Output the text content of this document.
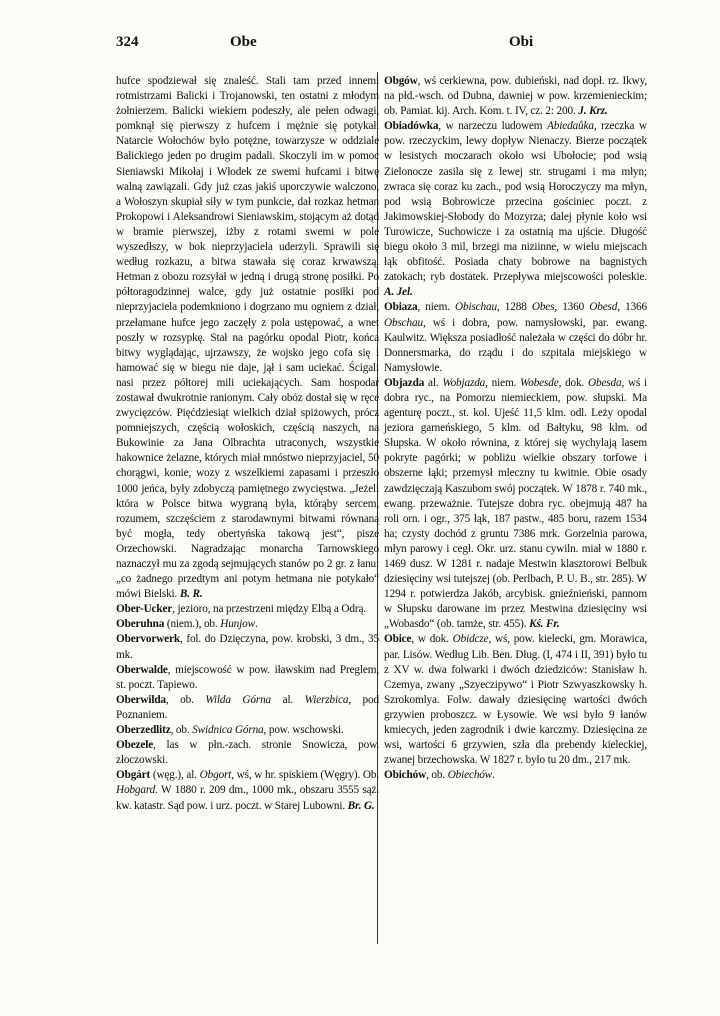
324	Obe	Obi

hufce spodziewał się znaleść. Stali tam przed innemi rotmistrzami Balicki i Trojanowski, ten ostatni z młodym żołnierzem. Balicki wiekiem podeszły, ale pełen odwagi, pomknął się pierwszy z hufcem i mężnie się potykał. Natarcie Wołochów było potężne, towarzysze w oddziale Balickiego jeden po drugim padali. Skoczyli im w pomoc Sieniawski Mikołaj i Włodek ze swemi hufcami i bitwę walną zawiązali. Gdy już czas jakiś uporczywie walczono, a Wołoszyn skupiał siły w tym punkcie, dał rozkaz hetman Prokopowi i Aleksandrowi Sieniawskim, stojącym aż dotąd w bramie pierwszej, iżby z rotami swemi w pole wyszedłszy, w bok nieprzyjaciela uderzyli. Sprawili się według rozkazu, a bitwa stawała się coraz krwawszą. Hetman z obozu rozsyłał w jedną i drugą stronę posiłki. Po półtoragodzinnej walce, gdy już ostatnie posiłki pod nieprzyjaciela podemkniono i dogrzano mu ogniem z dział, przełamane hufce jego zaczęły z pola ustępować, a wnet poszły w rozsypkę. Stał na pagórku opodal Piotr, końca bitwy wyglądając, ujrzawszy, że wojsko jego cofa się i hamować się w biegu nie daje, jął i sam uciekać. Ścigali nasi przez półtorej mili uciekających. Sam hospodar zostawał dwukrotnie ranionym. Cały obóz dostał się w ręce zwycięzców. Pięćdziesiąt wielkich dział spiżowych, prócz pomniejszych, częścią wołoskich, częścią naszych, na Bukowinie za Jana Olbrachta utraconych, wszystkie hakownice żelazne, których miał mnóstwo nieprzyjaciel, 50 chorągwi, konie, wozy z wszelkiemi zapasami i przeszło 1000 jeńca, były zdobyczą pamiętnego zwycięstwa. „Jeżeli która w Polsce bitwa wygraną była, którąby sercem, rozumem, szczęściem z starodawnymi bitwami równaną być mogła, tedy obertyńska takową jest“, pisze Orzechowski. Nagradzając monarcha Tarnowskiego naznaczył mu za zgodą sejmujących stanów po 2 gr. z łanu: „co żadnego przedtym ani potym hetmana nie potykało“ mówi Bielski. B. R.

Ober-Ucker, jezioro, na przestrzeni między Elbą a Odrą.

Oberuhna (niem.), ob. Hunjow.

Obervorwerk, fol. do Dzięczyna, pow. krobski, 3 dm., 35 mk.

Oberwalde, miejscowość w pow. iławskim nad Preglem, st. poczt. Tapiewo.

Oberwilda, ob. Wilda Górna al. Wierzbica, pod Poznaniem.

Oberzedlitz, ob. Swidnica Górna, pow. wschowski.

Obezele, las w płn.-zach. stronie Snowicza, pow. złoczowski.

Obgárt (węg.), al. Obgort, wś, w hr. spiskiem (Węgry). Ob. Hobgard. W 1880 r. 209 dm., 1000 mk., obszaru 3555 sąż. kw. katastr. Sąd pow. i urz. poczt. w Starej Lubowni. Br. G.

Obgów, wś cerkiewna, pow. dubieński, nad dopł. rz. Ikwy, na płd.-wsch. od Dubna, dawniej w pow. krzemienieckim; ob. Pamiat. kij. Arch. Kom. t. IV, cz. 2: 200. J. Krz.

Obiadówka, w narzeczu ludowem Abiedaůka, rzeczka w pow. rzeczyckim, lewy dopływ Nienaczy. Bierze początek w lesistych moczarach około wsi Ubołocie; pod wsią Zielonocze zasila się z lewej str. strugami i ma młyn; zwraca się coraz ku zach., pod wsią Horoczyczy ma młyn, pod wsią Bobrowicze przecina gościniec poczt. z Jakimowskiej-Słobody do Mozyrza; dalej płynie koło wsi Turowicze, Suchowicze i za ostatnią ma ujście. Długość biegu około 3 mil, brzegi ma niziinne, w wielu miejscach łąk obfitość. Posiada chaty bobrowe na bagnistych zatokach; ryb dostatek. Przepływa miejscowości poleskie. A. Jel.

Obiaza, niem. Obischau, 1288 Obes, 1360 Obesd, 1366 Obschau, wś i dobra, pow. namysłowski, par. ewang. Kaulwitz. Większa posiadłość należała w części do dóbr hr. Donnersmarka, do rządu i do szpitala miejskiego w Namysłowie.

Objazda al. Wobjazda, niem. Wobesde, dok. Obesda, wś i dobra ryc., na Pomorzu niemieckiem, pow. słupski. Ma agenturę poczt., st. kol. Ujeść 11,5 klm. odl. Leży opodal jeziora garneńskiego, 5 klm. od Bałtyku, 98 klm. od Słupska. W około równina, z której się wychylają lasem pokryte pagórki; w pobliżu wielkie obszary torfowe i obszerne łąki; przemysł mleczny tu kwitnie. Obie osady zawdzięczają Kaszubom swój początek. W 1878 r. 740 mk., ewang. przeważnie. Tutejsze dobra ryc. obejmują 487 ha roli orn. i ogr., 375 łąk, 187 pastw., 485 boru, razem 1534 ha; czysty dochód z gruntu 7386 mrk. Gorzelnia parowa, młyn parowy i cegł. Okr. urz. stanu cywiln. miał w 1880 r. 1469 dusz. W 1281 r. nadaje Mestwin klasztorowi Belbuk dziesięciny wsi tutejszej (ob. Perlbach, P. U. B., str. 285). W 1294 r. potwierdza Jakób, arcybisk. gnieźnieński, pannom w Słupsku darowane im przez Mestwina dziesięciny wsi „Wobasdo“ (ob. tamże, str. 455). Kś. Fr.

Obice, w dok. Obidcze, wś, pow. kielecki, gm. Morawica, par. Lisów. Według Lib. Ben. Dług. (I, 474 i II, 391) było tu z XV w. dwa folwarki i dwóch dziedziców: Stanisław h. Czemya, zwany „Szyeczipywo“ i Piotr Szwyaszkowsky h. Szrokomlya. Folw. dawały dziesięcinę wartości dwóch grzywien proboszcz. w Łysowie. We wsi było 9 łanów kmiecych, jeden zagrodnik i dwie karczmy. Dziesięcina ze wsi, wartości 6 grzywien, szła dla prebendy kieleckiej, zwanej brzechowska. W 1827 r. było tu 20 dm., 217 mk.

Obichów, ob. Obiechów.
